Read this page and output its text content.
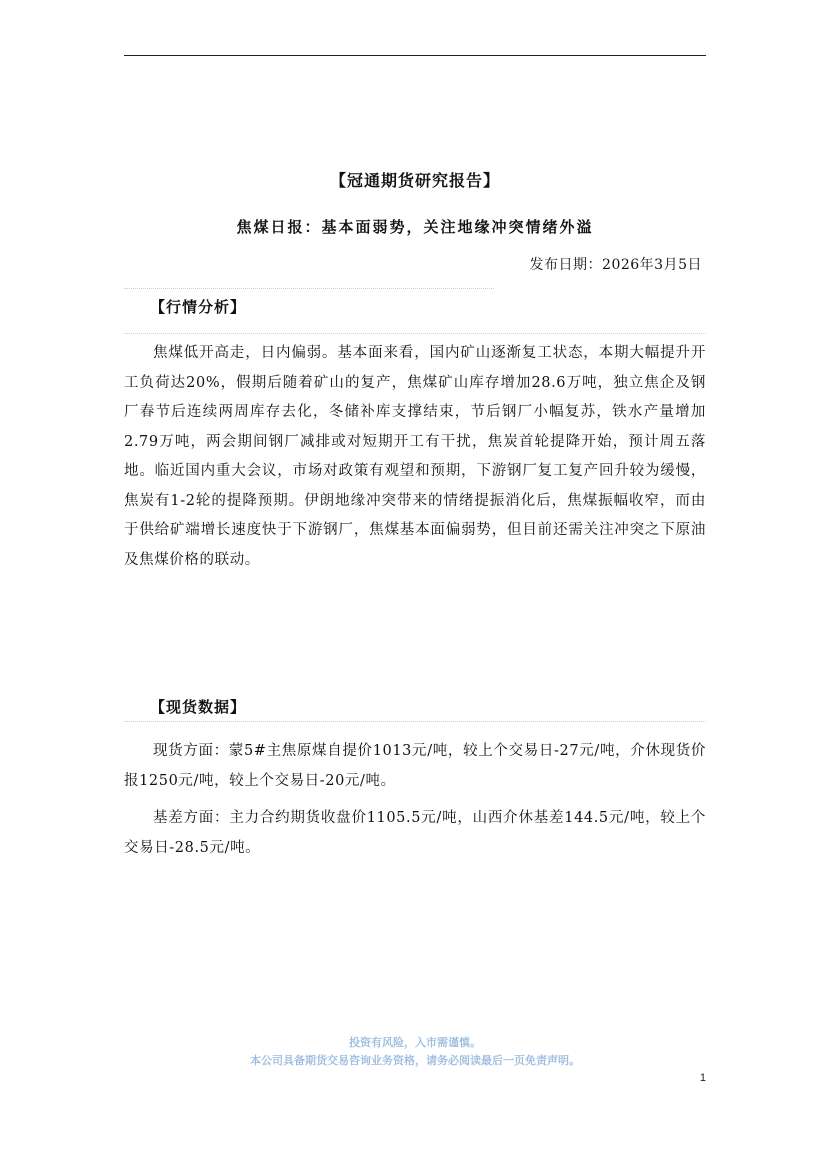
【冠通期货研究报告】
焦煤日报：基本面弱势，关注地缘冲突情绪外溢
发布日期：2026年3月5日
【行情分析】

焦煤低开高走，日内偏弱。基本面来看，国内矿山逐渐复工状态，本期大幅提升开工负荷达20%，假期后随着矿山的复产，焦煤矿山库存增加28.6万吨，独立焦企及钢厂春节后连续两周库存去化，冬储补库支撑结束，节后钢厂小幅复苏，铁水产量增加2.79万吨，两会期间钢厂减排或对短期开工有干扰，焦炭首轮提降开始，预计周五落地。临近国内重大会议，市场对政策有观望和预期，下游钢厂复工复产回升较为缓慢，焦炭有1-2轮的提降预期。伊朗地缘冲突带来的情绪提振消化后，焦煤振幅收窄，而由于供给矿端增长速度快于下游钢厂，焦煤基本面偏弱势，但目前还需关注冲突之下原油及焦煤价格的联动。

【现货数据】

现货方面：蒙5#主焦原煤自提价1013元/吨，较上个交易日-27元/吨，介休现货价报1250元/吨，较上个交易日-20元/吨。

基差方面：主力合约期货收盘价1105.5元/吨，山西介休基差144.5元/吨，较上个交易日-28.5元/吨。

投资有风险，入市需谨慎。
本公司具备期货交易咨询业务资格，请务必阅读最后一页免责声明。
1
